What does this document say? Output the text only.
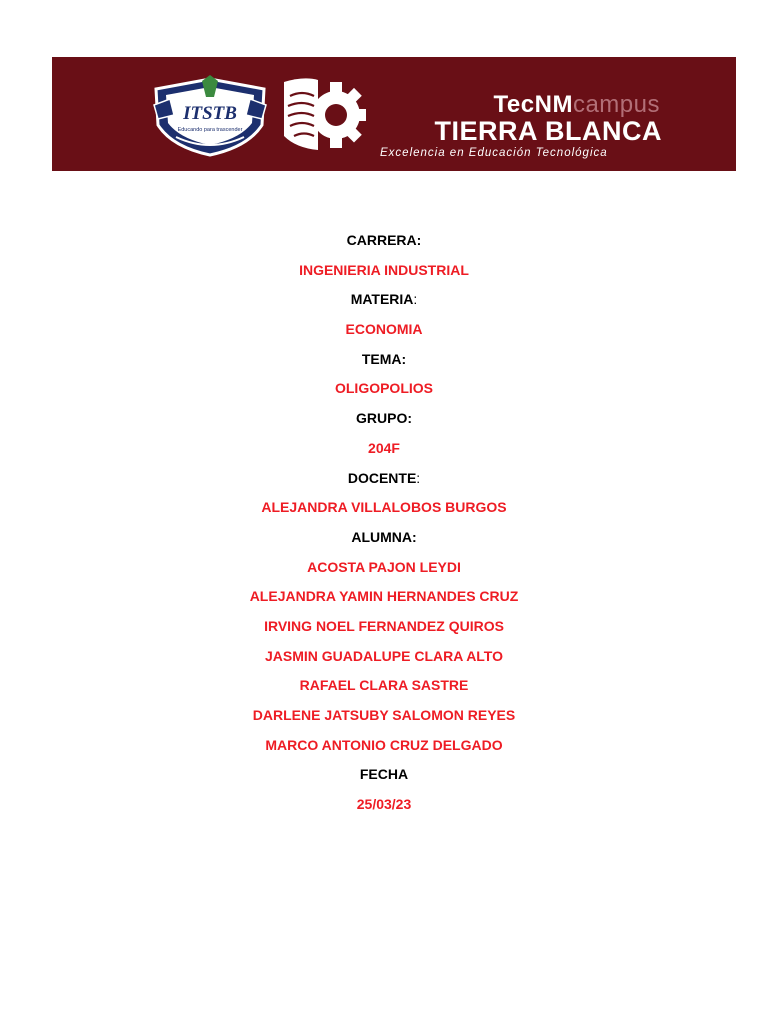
ITSTB
Educando para trascender
TecNMcampus
TIERRA BLANCA
Excelencia en Educación Tecnológica
CARRERA:
INGENIERIA INDUSTRIAL
MATERIA:
ECONOMIA
TEMA:
OLIGOPOLIOS
GRUPO:
204F
DOCENTE:
ALEJANDRA VILLALOBOS BURGOS
ALUMNA:
ACOSTA PAJON LEYDI
ALEJANDRA YAMIN HERNANDES CRUZ
IRVING NOEL FERNANDEZ QUIROS
JASMIN GUADALUPE CLARA ALTO
RAFAEL CLARA SASTRE
DARLENE JATSUBY SALOMON REYES
MARCO ANTONIO CRUZ DELGADO
FECHA
25/03/23
